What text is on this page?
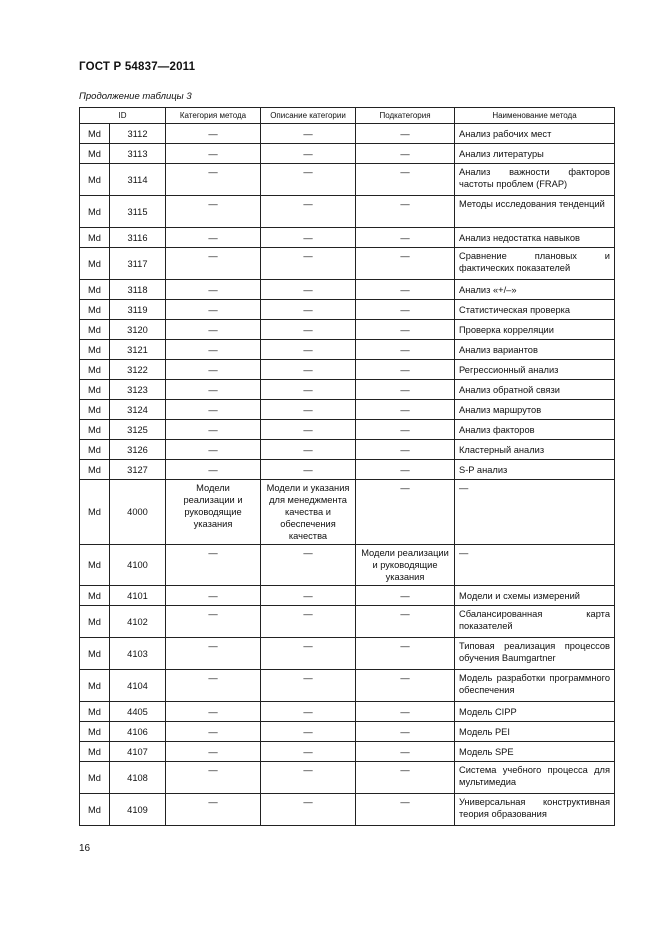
ГОСТ Р 54837—2011
Продолжение таблицы 3
ID		Категория метода	Описание категории	Подкатегория	Наименование метода
Md	3112	—	—	—	Анализ рабочих мест
Md	3113	—	—	—	Анализ литературы
Md	3114	—	—	—	Анализ важности факторов частоты проблем (FRAP)
Md	3115	—	—	—	Методы исследования тенденций
Md	3116	—	—	—	Анализ недостатка навыков
Md	3117	—	—	—	Сравнение плановых и фактических показателей
Md	3118	—	—	—	Анализ «+/–»
Md	3119	—	—	—	Статистическая проверка
Md	3120	—	—	—	Проверка корреляции
Md	3121	—	—	—	Анализ вариантов
Md	3122	—	—	—	Регрессионный анализ
Md	3123	—	—	—	Анализ обратной связи
Md	3124	—	—	—	Анализ маршрутов
Md	3125	—	—	—	Анализ факторов
Md	3126	—	—	—	Кластерный анализ
Md	3127	—	—	—	S-P анализ
Md	4000	Модели реализации и руководящие указания	Модели и указания для менеджмента качества и обеспечения качества	—	—
Md	4100	—	—	Модели реализации и руководящие указания	—
Md	4101	—	—	—	Модели и схемы измерений
Md	4102	—	—	—	Сбалансированная карта показателей
Md	4103	—	—	—	Типовая реализация процессов обучения Baumgartner
Md	4104	—	—	—	Модель разработки программного обеспечения
Md	4405	—	—	—	Модель CIPP
Md	4106	—	—	—	Модель PEI
Md	4107	—	—	—	Модель SPE
Md	4108	—	—	—	Система учебного процесса для мультимедиа
Md	4109	—	—	—	Универсальная конструктивная теория образования
16
